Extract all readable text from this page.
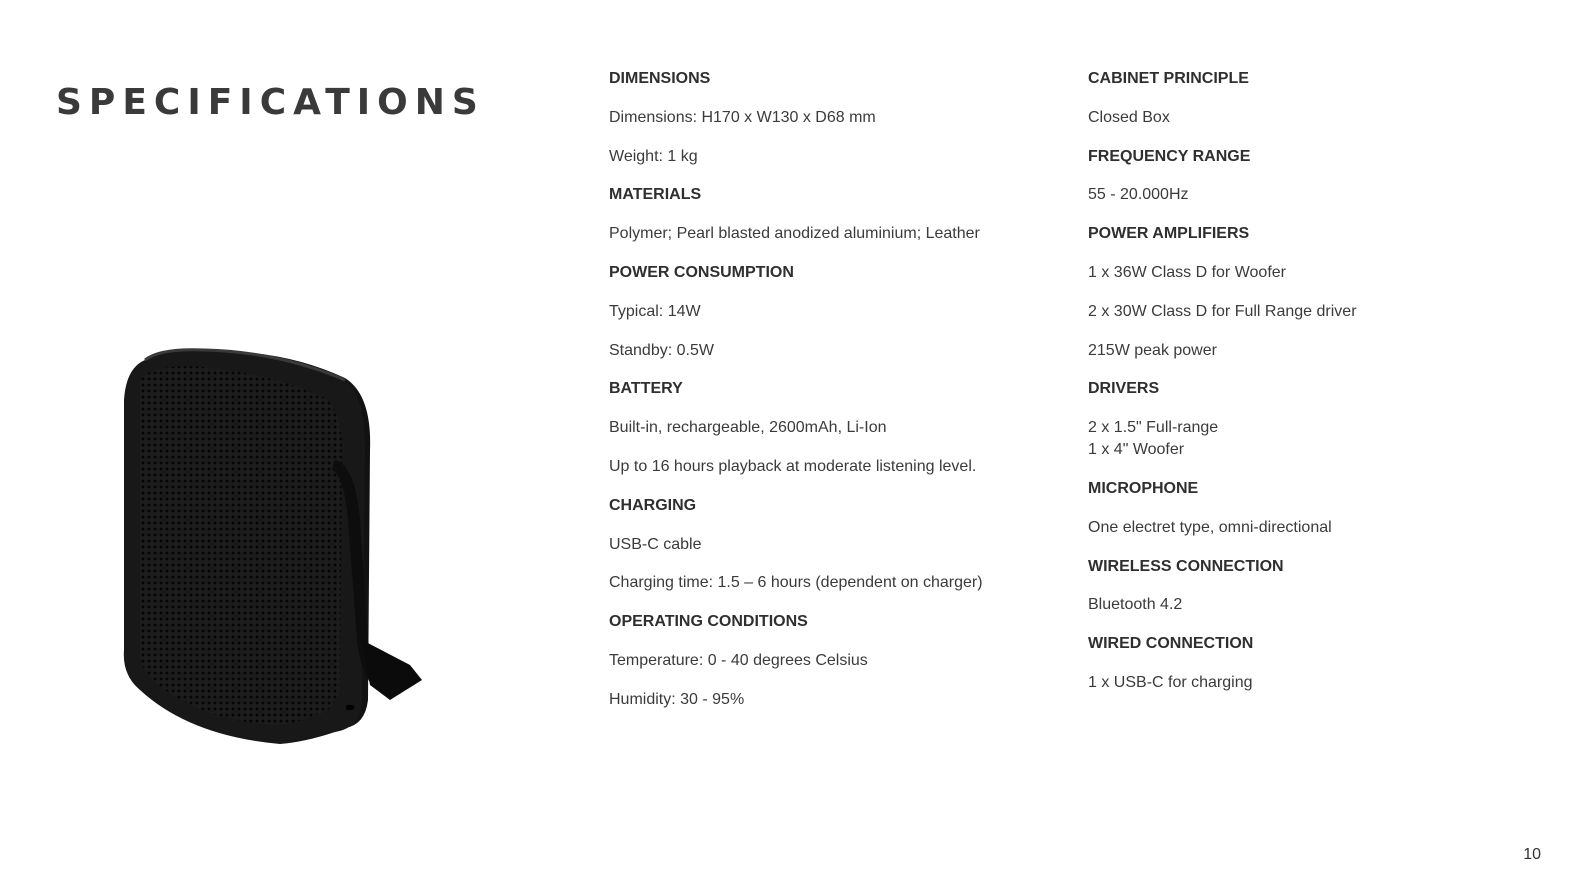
SPECIFICATIONS
DIMENSIONS
Dimensions: H170 x W130 x D68 mm
Weight: 1 kg
MATERIALS
Polymer; Pearl blasted anodized aluminium; Leather
POWER CONSUMPTION
Typical: 14W
Standby: 0.5W
BATTERY
Built-in, rechargeable, 2600mAh, Li-Ion
Up to 16 hours playback at moderate listening level.
CHARGING
USB-C cable
Charging time: 1.5 – 6 hours (dependent on charger)
OPERATING CONDITIONS
Temperature: 0 - 40 degrees Celsius
Humidity: 30 - 95%
CABINET PRINCIPLE
Closed Box
FREQUENCY RANGE
55 - 20.000Hz
POWER AMPLIFIERS
1 x 36W Class D for Woofer
2 x 30W Class D for Full Range driver
215W peak power
DRIVERS
2 x 1.5" Full-range
1 x 4" Woofer
MICROPHONE
One electret type, omni-directional
WIRELESS CONNECTION
Bluetooth 4.2
WIRED CONNECTION
1 x USB-C for charging
10
